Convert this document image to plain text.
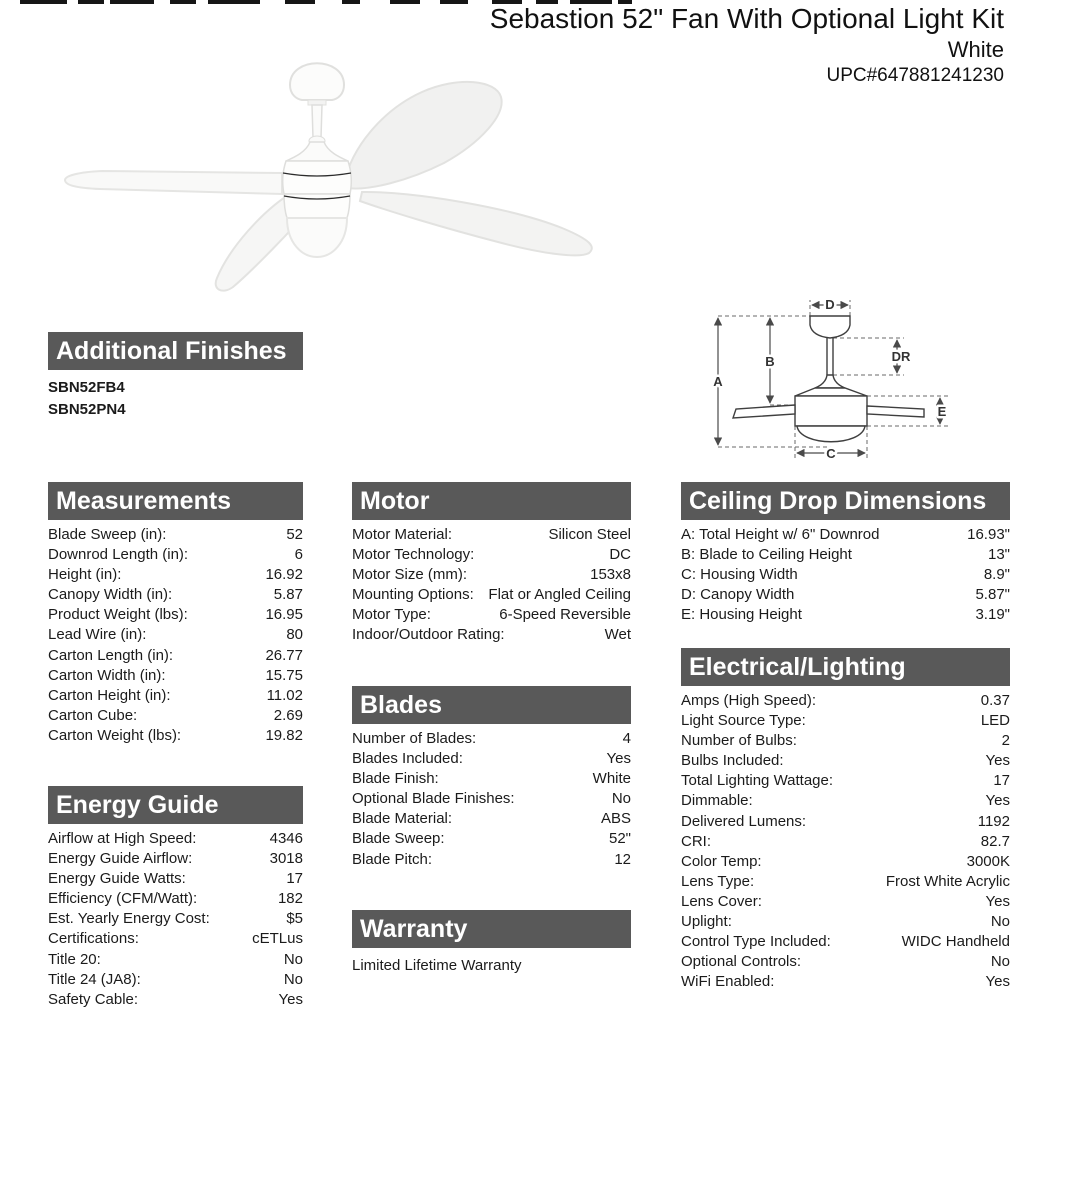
Sebastion 52" Fan With Optional Light Kit
White
UPC#647881241230
D
A
B	DR
E
C
Additional Finishes
SBN52FB4
SBN52PN4
Measurements
Blade Sweep (in):	52
Downrod Length (in):	6
Height (in):	16.92
Canopy Width (in):	5.87
Product Weight (lbs):	16.95
Lead Wire (in):	80
Carton Length (in):	26.77
Carton Width (in):	15.75
Carton Height (in):	11.02
Carton Cube:	2.69
Carton Weight (lbs):	19.82
Energy Guide
Airflow at High Speed:	4346
Energy Guide Airflow:	3018
Energy Guide Watts:	17
Efficiency (CFM/Watt):	182
Est. Yearly Energy Cost:	$5
Certifications:	cETLus
Title 20:	No
Title 24 (JA8):	No
Safety Cable:	Yes
Motor
Motor Material:	Silicon Steel
Motor Technology:	DC
Motor Size (mm):	153x8
Mounting Options: Flat or Angled Ceiling
Motor Type:	6-Speed Reversible
Indoor/Outdoor Rating:	Wet
Blades
Number of Blades:	4
Blades Included:	Yes
Blade Finish:	White
Optional Blade Finishes:	No
Blade Material:	ABS
Blade Sweep:	52"
Blade Pitch:	12
Warranty
Limited Lifetime Warranty
Ceiling Drop Dimensions
A: Total Height w/ 6" Downrod	16.93"
B: Blade to Ceiling Height	13"
C: Housing Width	8.9"
D: Canopy Width	5.87"
E: Housing Height	3.19"
Electrical/Lighting
Amps (High Speed):	0.37
Light Source Type:	LED
Number of Bulbs:	2
Bulbs Included:	Yes
Total Lighting Wattage:	17
Dimmable:	Yes
Delivered Lumens:	1192
CRI:	82.7
Color Temp:	3000K
Lens Type:	Frost White Acrylic
Lens Cover:	Yes
Uplight:	No
Control Type Included:	WIDC Handheld
Optional Controls:	No
WiFi Enabled:	Yes
